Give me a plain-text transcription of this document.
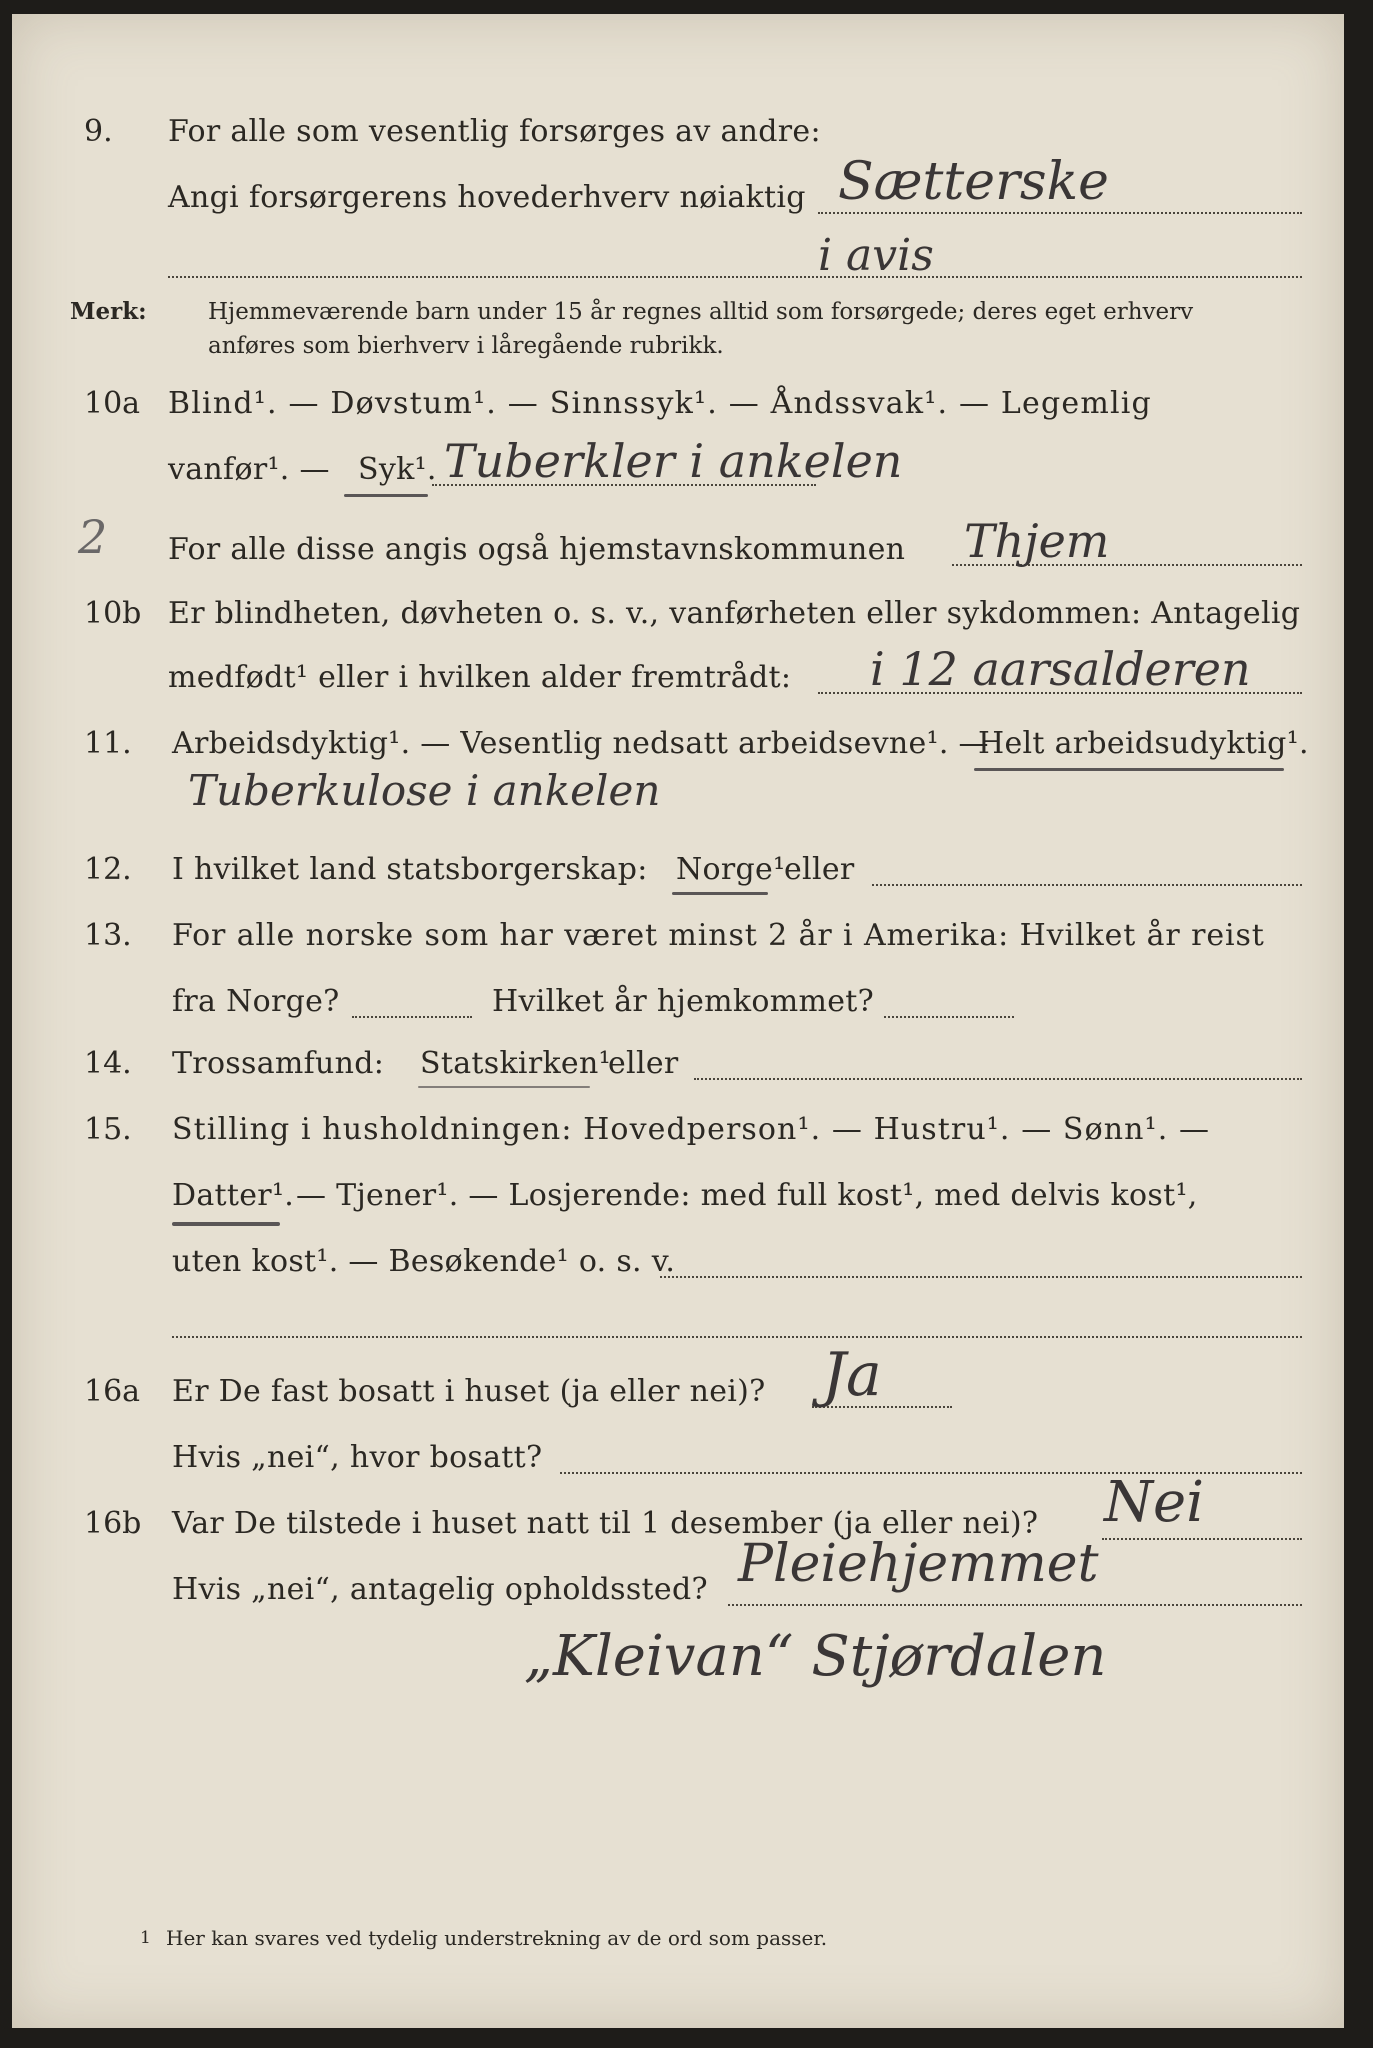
9. For alle som vesentlig forsørges av andre:
Angi forsørgerens hovederhverv nøiaktig Sætterske
i avis
Merk:	Hjemmeværende barn under 15 år regnes alltid som forsørgede; deres eget erhverv
anføres som bierhverv i låregående rubrikk.
10a Blind¹. — Døvstum¹. — Sinnssyk¹. — Åndssvak¹. — Legemlig
vanfør¹. — Syk¹. Tuberkler i ankelen
2 For alle disse angis også hjemstavnskommunen Thjem
10b Er blindheten, døvheten o. s. v., vanførheten eller sykdommen: Antagelig
medfødt¹ eller i hvilken alder fremtrådt: i 12 aarsalderen
11. Arbeidsdyktig¹. — Vesentlig nedsatt arbeidsevne¹. —
Helt arbeidsudyktig¹.
Tuberkulose i ankelen
12. I hvilket land statsborgerskap: Norge¹
eller
13. For alle norske som har været minst 2 år i Amerika: Hvilket år reist
fra Norge?	Hvilket år hjemkommet?
14. Trossamfund: Statskirken¹
eller
15. Stilling i husholdningen: Hovedperson¹. — Hustru¹. — Sønn¹. —
Datter¹. — Tjener¹. — Losjerende: med full kost¹, med delvis kost¹,
uten kost¹. — Besøkende¹ o. s. v.
16a Er De fast bosatt i huset (ja eller nei)? Ja
Hvis „nei“, hvor bosatt?
16b Var De tilstede i huset natt til 1 desember (ja eller nei)? Nei
Hvis „nei“, antagelig opholdssted? Pleiehjemmet
„Kleivan“ Stjørdalen
1 Her kan svares ved tydelig understrekning av de ord som passer.
